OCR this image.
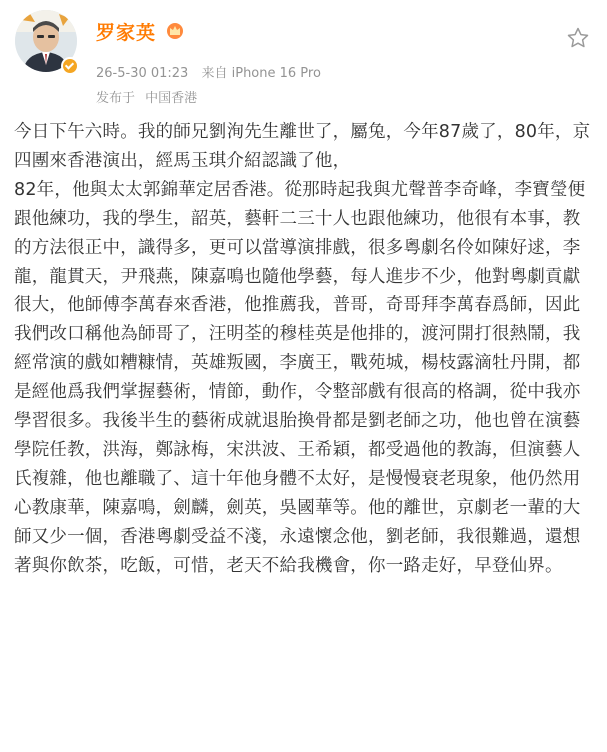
罗家英
26-5-30 01:23 来自 iPhone 16 Pro
发布于 中国香港
今日下午六時。我的師兄劉洵先生離世了，屬兔，今年87歲了，80年，京四團來香港演出，經馬玉琪介紹認識了他，
82年，他與太太郭錦華定居香港。從那時起我與尤聲普李奇峰，李寶瑩便跟他練功，我的學生，韶英，藝軒二三十人也跟他練功，他很有本事，教的方法很正中，識得多，更可以當導演排戲，很多粵劇名伶如陳好逑，李龍，龍貫天，尹飛燕，陳嘉鳴也隨他學藝，每人進步不少，他對粵劇貢獻很大，他師傅李萬春來香港，他推薦我，普哥，奇哥拜李萬春爲師，因此我們改口稱他為師哥了，汪明荃的穆桂英是他排的，渡河開打很熱鬧，我經常演的戲如糟糠情，英雄叛國，李廣王，戰苑城，楊枝露滴牡丹開，都是經他爲我們掌握藝術，情節，動作，令整部戲有很高的格調，從中我亦學習很多。我後半生的藝術成就退胎換骨都是劉老師之功，他也曾在演藝學院任教，洪海，鄭詠梅，宋洪波、王希穎，都受過他的教誨，但演藝人氏複雜，他也離職了、這十年他身體不太好，是慢慢衰老現象，他仍然用心教康華，陳嘉鳴，劍麟，劍英，吳國華等。他的離世，京劇老一輩的大師又少一個，香港粵劇受益不淺，永遠懷念他，劉老師，我很難過，還想著與你飲茶，吃飯，可惜，老天不給我機會，你一路走好，早登仙界。
